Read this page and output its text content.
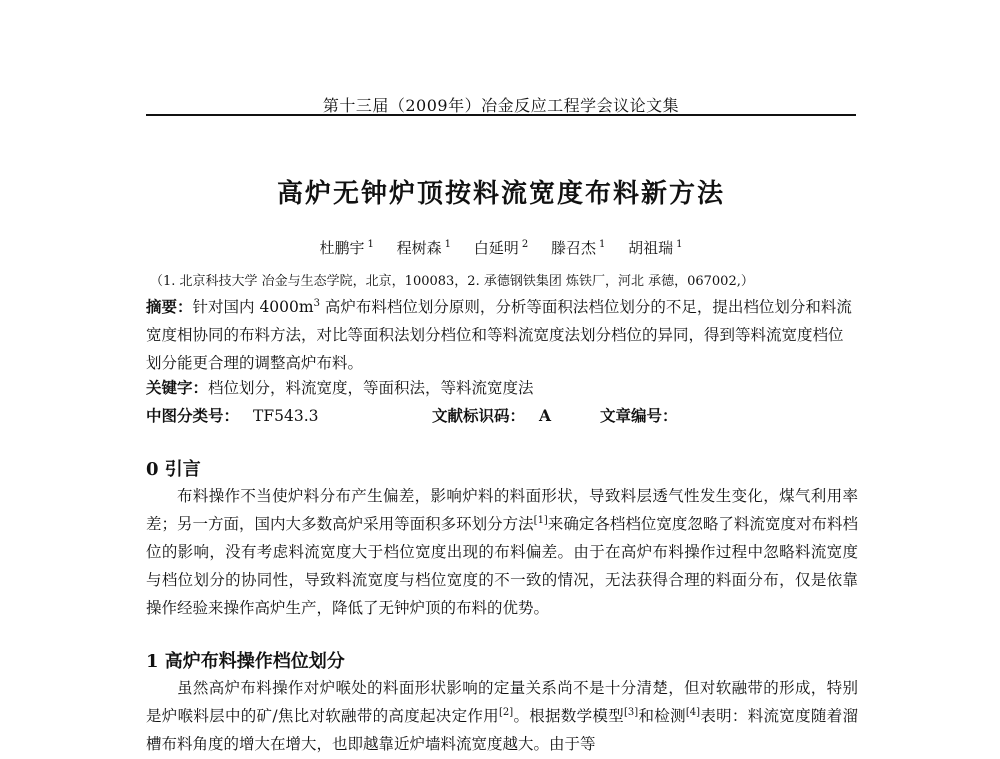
第十三届（2009年）冶金反应工程学会议论文集
高炉无钟炉顶按料流宽度布料新方法
杜鹏宇 $^1$ 程树森 $^1$ 白延明 $^2$ 滕召杰 $^1$ 胡祖瑞 $^1$
（1. 北京科技大学 冶金与生态学院，北京，100083，2. 承德钢铁集团 炼铁厂，河北 承德，067002,）
摘要：针对国内 $4000m^3$ 高炉布料档位划分原则，分析等面积法档位划分的不足，提出档位划分和料流宽度相协同的布料方法，对比等面积法划分档位和等料流宽度法划分档位的异同，得到等料流宽度档位划分能更合理的调整高炉布料。
关键字：档位划分，料流宽度，等面积法，等料流宽度法
中图分类号： TF543.3	文献标识码： A	文章编号：
0 引言
布料操作不当使炉料分布产生偏差，影响炉料的料面形状，导致料层透气性发生变化，煤气利用率差；另一方面，国内大多数高炉采用等面积多环划分方法[1]来确定各档档位宽度忽略了料流宽度对布料档位的影响，没有考虑料流宽度大于档位宽度出现的布料偏差。由于在高炉布料操作过程中忽略料流宽度与档位划分的协同性，导致料流宽度与档位宽度的不一致的情况，无法获得合理的料面分布，仅是依靠操作经验来操作高炉生产，降低了无钟炉顶的布料的优势。
1 高炉布料操作档位划分
虽然高炉布料操作对炉喉处的料面形状影响的定量关系尚不是十分清楚，但对软融带的形成，特别是炉喉料层中的矿/焦比对软融带的高度起决定作用[2]。根据数学模型[3]和检测[4]表明：料流宽度随着溜槽布料角度的增大在增大，也即越靠近炉墙料流宽度越大。由于等
